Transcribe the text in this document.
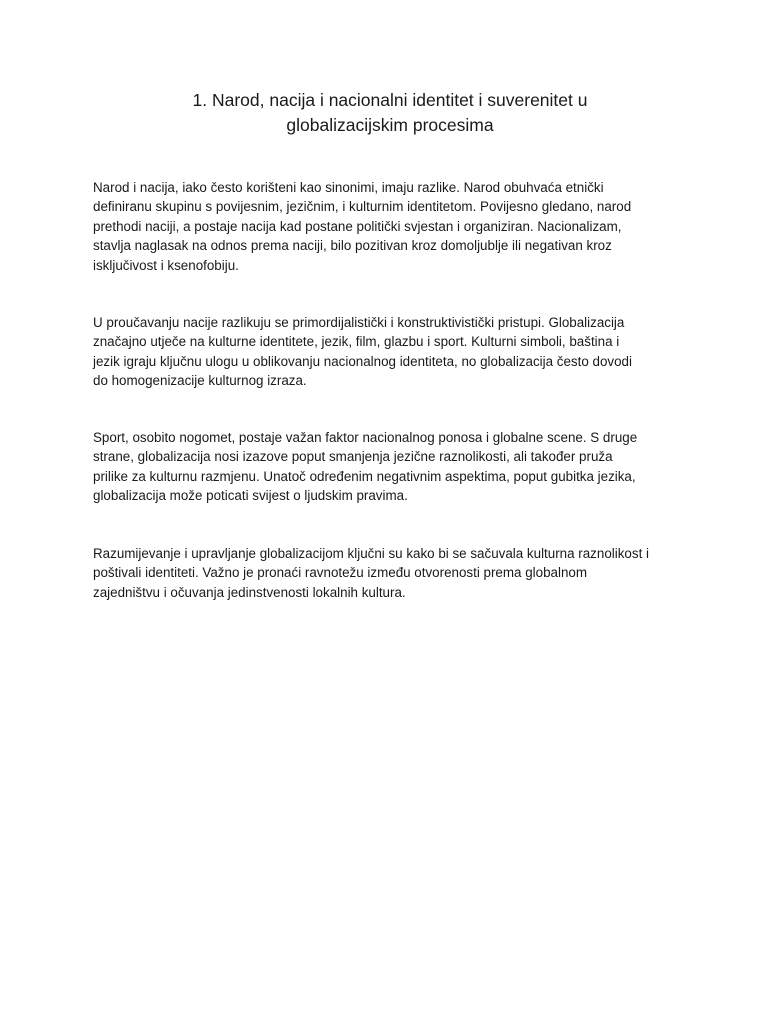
1. Narod, nacija i nacionalni identitet i suverenitet u
globalizacijskim procesima
Narod i nacija, iako često korišteni kao sinonimi, imaju razlike. Narod obuhvaća etnički
definiranu skupinu s povijesnim, jezičnim, i kulturnim identitetom. Povijesno gledano, narod
prethodi naciji, a postaje nacija kad postane politički svjestan i organiziran. Nacionalizam,
stavlja naglasak na odnos prema naciji, bilo pozitivan kroz domoljublje ili negativan kroz
isključivost i ksenofobiju.
U proučavanju nacije razlikuju se primordijalistički i konstruktivistički pristupi. Globalizacija
značajno utječe na kulturne identitete, jezik, film, glazbu i sport. Kulturni simboli, baština i
jezik igraju ključnu ulogu u oblikovanju nacionalnog identiteta, no globalizacija često dovodi
do homogenizacije kulturnog izraza.
Sport, osobito nogomet, postaje važan faktor nacionalnog ponosa i globalne scene. S druge
strane, globalizacija nosi izazove poput smanjenja jezične raznolikosti, ali također pruža
prilike za kulturnu razmjenu. Unatoč određenim negativnim aspektima, poput gubitka jezika,
globalizacija može poticati svijest o ljudskim pravima.
Razumijevanje i upravljanje globalizacijom ključni su kako bi se sačuvala kulturna raznolikost i
poštivali identiteti. Važno je pronaći ravnotežu između otvorenosti prema globalnom
zajedništvu i očuvanja jedinstvenosti lokalnih kultura.
